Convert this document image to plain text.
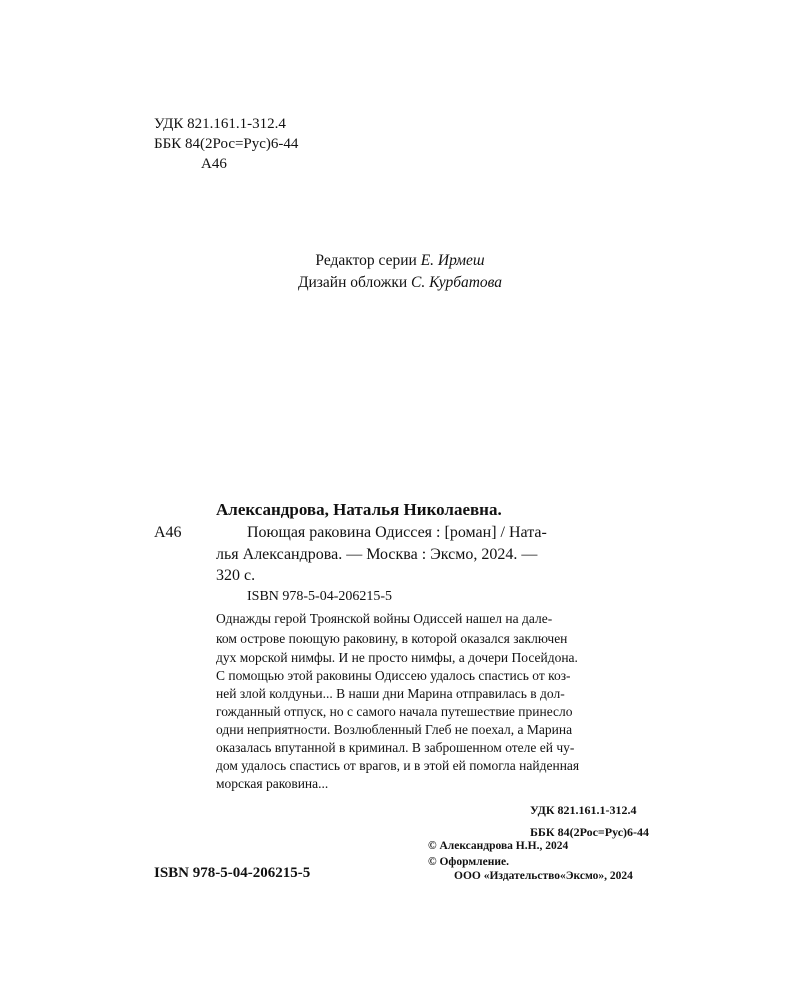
УДК 821.161.1-312.4
ББК 84(2Рос=Рус)6-44
А46
Редактор серии Е. Ирмеш
Дизайн обложки С. Курбатова
Александрова, Наталья Николаевна.
А46	Поющая раковина Одиссея : [роман] / Ната-
лья Александрова. — Москва : Эксмо, 2024. —
320 с.
ISBN 978-5-04-206215-5
Однажды герой Троянской войны Одиссей нашел на дале-
ком острове поющую раковину, в которой оказался заключен
дух морской нимфы. И не просто нимфы, а дочери Посейдона.
С помощью этой раковины Одиссею удалось спастись от коз-
ней злой колдуньи... В наши дни Марина отправилась в дол-
гожданный отпуск, но с самого начала путешествие принесло
одни неприятности. Возлюбленный Глеб не поехал, а Марина
оказалась впутанной в криминал. В заброшенном отеле ей чу-
дом удалось спастись от врагов, и в этой ей помогла найденная
морская раковина...
УДК 821.161.1-312.4
ББК 84(2Рос=Рус)6-44
ISBN 978-5-04-206215-5
© Александрова Н.Н., 2024
© Оформление.
ООО «Издательство«Эксмо», 2024
